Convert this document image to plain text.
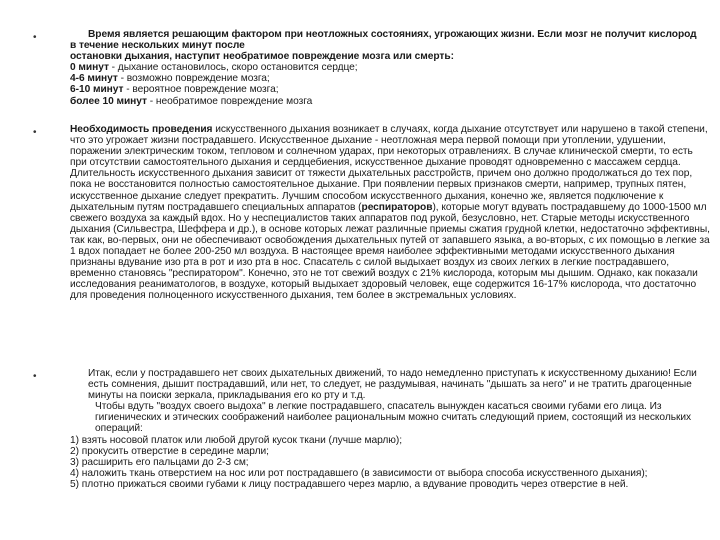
•	Время является решающим фактором при неотложных состояниях, угрожающих жизни. Если мозг не получит кислород

в течение нескольких минут после

остановки дыхания, наступит необратимое повреждение мозга или смерть:

0 минут - дыхание остановилось, скоро остановится сердце;

4-6 минут - возможно повреждение мозга;

6-10 минут - вероятное повреждение мозга;

более 10 минут - необратимое повреждение мозга

•	Необходимость проведения искусственного дыхания возникает в случаях, когда дыхание отсутствует или нарушено в такой степени, что это угрожает жизни пострадавшего. Искусственное дыхание - неотложная мера первой помощи при утоплении, удушении, поражении электрическим током, тепловом и солнечном ударах, при некоторых отравлениях. В случае клинической смерти, то есть при отсутствии самостоятельного дыхания и сердцебиения, искусственное дыхание проводят одновременно с массажем сердца. Длительность искусственного дыхания зависит от тяжести дыхательных расстройств, причем оно должно продолжаться до тех пор, пока не восстановится полностью самостоятельное дыхание. При появлении первых признаков смерти, например, трупных пятен, искусственное дыхание следует прекратить. Лучшим способом искусственного дыхания, конечно же, является подключение к дыхательным путям пострадавшего специальных аппаратов (респираторов), которые могут вдувать пострадавшему до 1000-1500 мл свежего воздуха за каждый вдох. Но у неспециалистов таких аппаратов под рукой, безусловно, нет. Старые методы искусственного дыхания (Сильвестра, Шеффера и др.), в основе которых лежат различные приемы сжатия грудной клетки, недостаточно эффективны, так как, во-первых, они не обеспечивают освобождения дыхательных путей от запавшего языка, а во-вторых, с их помощью в легкие за 1 вдох попадает не более 200-250 мл воздуха. В настоящее время наиболее эффективными методами искусственного дыхания признаны вдувание изо рта в рот и изо рта в нос. Спасатель с силой выдыхает воздух из своих легких в легкие пострадавшего, временно становясь "респиратором". Конечно, это не тот свежий воздух с 21% кислорода, которым мы дышим. Однако, как показали исследования реаниматологов, в воздухе, который выдыхает здоровый человек, еще содержится 16-17% кислорода, что достаточно для проведения полноценного искусственного дыхания, тем более в экстремальных условиях.

•	Итак, если у пострадавшего нет своих дыхательных движений, то надо немедленно приступать к искусственному дыханию! Если есть сомнения, дышит пострадавший, или нет, то следует, не раздумывая, начинать "дышать за него" и не тратить драгоценные минуты на поиски зеркала, прикладывания его ко рту и т.д.

Чтобы вдуть "воздух своего выдоха" в легкие пострадавшего, спасатель вынужден касаться своими губами его лица. Из гигиенических и этических соображений наиболее рациональным можно считать следующий прием, состоящий из нескольких операций:

1) взять носовой платок или любой другой кусок ткани (лучше марлю);

2) прокусить отверстие в середине марли;

3) расширить его пальцами до 2-3 см;

4) наложить ткань отверстием на нос или рот пострадавшего (в зависимости от выбора способа искусственного дыхания);

5) плотно прижаться своими губами к лицу пострадавшего через марлю, а вдувание проводить через отверстие в ней.
